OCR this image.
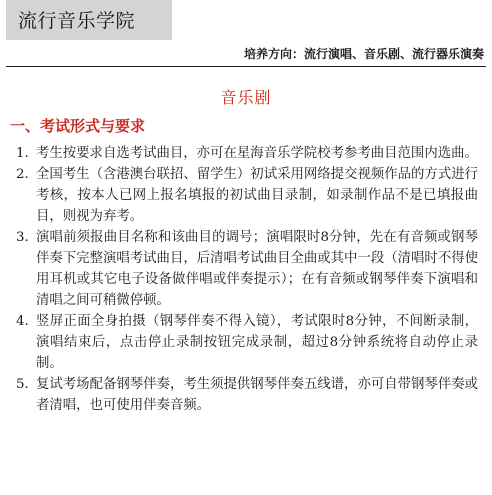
流行音乐学院
培养方向：流行演唱、音乐剧、流行器乐演奏
音乐剧
一、考试形式与要求
1. 考生按要求自选考试曲目，亦可在星海音乐学院校考参考曲目范围内选曲。
2. 全国考生（含港澳台联招、留学生）初试采用网络提交视频作品的方式进行考核，按本人已网上报名填报的初试曲目录制，如录制作品不是已填报曲目，则视为弃考。
3. 演唱前须报曲目名称和该曲目的调号；演唱限时8分钟，先在有音频或钢琴伴奏下完整演唱考试曲目，后清唱考试曲目全曲或其中一段（清唱时不得使用耳机或其它电子设备做伴唱或伴奏提示）；在有音频或钢琴伴奏下演唱和清唱之间可稍微停顿。
4. 竖屏正面全身拍摄（钢琴伴奏不得入镜），考试限时8分钟，不间断录制，演唱结束后，点击停止录制按钮完成录制，超过8分钟系统将自动停止录制。
5. 复试考场配备钢琴伴奏，考生须提供钢琴伴奏五线谱，亦可自带钢琴伴奏或者清唱，也可使用伴奏音频。
